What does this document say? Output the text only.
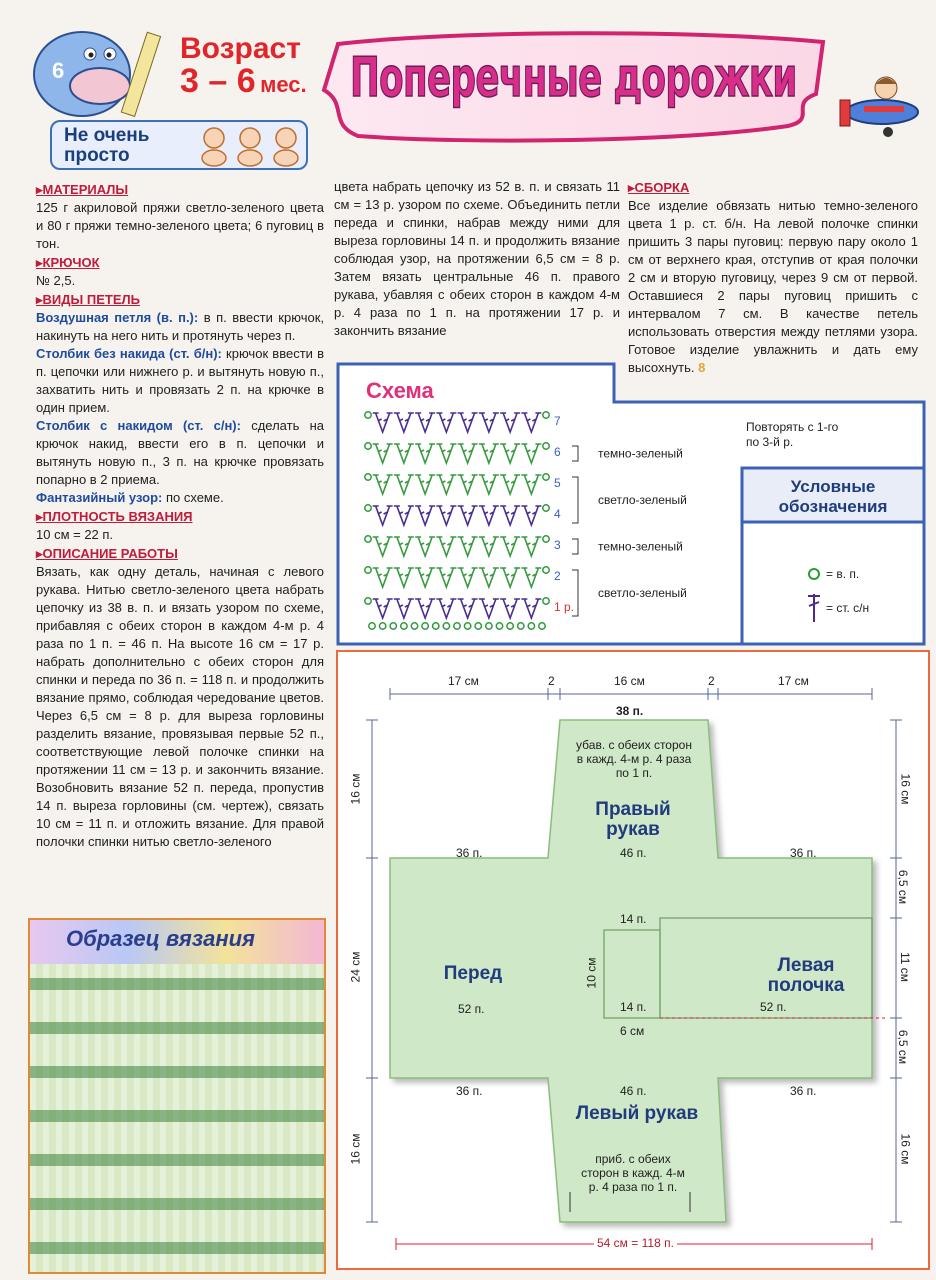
6
Возраст
3 – 6 мес.
Не очень
просто
Поперечные дорожки
▸ МАТЕРИАЛЫ

125 г акриловой пряжи светло-зеленого цвета и 80 г пряжи темно-зеленого цвета; 6 пуговиц в тон.

▸ КРЮЧОК

№ 2,5.

▸ ВИДЫ ПЕТЕЛЬ

Воздушная петля (в. п.): в п. ввести крючок, накинуть на него нить и протянуть через п.

Столбик без накида (ст. б/н): крючок ввести в п. цепочки или нижнего р. и вытянуть новую п., захватить нить и провязать 2 п. на крючке в один прием.

Столбик с накидом (ст. с/н): сделать на крючок накид, ввести его в п. цепочки и вытянуть новую п., 3 п. на крючке провязать попарно в 2 приема.

Фантазийный узор: по схеме.

▸ ПЛОТНОСТЬ ВЯЗАНИЯ

10 см = 22 п.

▸ ОПИСАНИЕ РАБОТЫ

Вязать, как одну деталь, начиная с левого рукава. Нитью светло-зеленого цвета набрать цепочку из 38 в. п. и вязать узором по схеме, прибавляя с обеих сторон в каждом 4-м р. 4 раза по 1 п. = 46 п. На высоте 16 см = 17 р. набрать дополнительно с обеих сторон для спинки и переда по 36 п. = 118 п. и продолжить вязание прямо, соблюдая чередование цветов. Через 6,5 см = 8 р. для выреза горловины разделить вязание, провязывая первые 52 п., соответствующие левой полочке спинки на протяжении 11 см = 13 р. и закончить вязание. Возобновить вязание 52 п. переда, пропустив 14 п. выреза горловины (см. чертеж), связать 10 см = 11 п. и отложить вязание. Для правой полочки спинки нитью светло-зеленого

Образец вязания

цвета набрать цепочку из 52 в. п. и связать 11 см = 13 р. узором по схеме. Объединить петли переда и спинки, набрав между ними для выреза горловины 14 п. и продолжить вязание соблюдая узор, на протяжении 6,5 см = 8 р. Затем вязать центральные 46 п. правого рукава, убавляя с обеих сторон в каждом 4-м р. 4 раза по 1 п. на протяжении 17 р. и закончить вязание

▸ СБОРКА

Все изделие обвязать нитью темно-зеленого цвета 1 р. ст. б/н. На левой полочке спинки пришить 3 пары пуговиц: первую пару около 1 см от верхнего края, отступив от края полочки 2 см и вторую пуговицу, через 9 см от первой. Оставшиеся 2 пары пуговиц пришить с интервалом 7 см. В качестве петель использовать отверстия между петлями узора. Готовое изделие увлажнить и дать ему высохнуть. 8

Схема
1 р.
2
3
4
5
6
7
темно-зеленый
светло-зеленый
темно-зеленый
светло-зеленый
Повторять с 1-го
по 3-й р.
Условные
обозначения
= в. п.
= ст. с/н
17 см	2	16 см	2	17 см
38 п.
убав. с обеих сторон в кажд. 4-м р. 4 раза по 1 п.
Правый рукав
36 п.	46 п.	36 п.
Перед
52 п.
Левая полочка
52 п.
14 п.
14 п.
6 см
10 см
36 п.	46 п.	36 п.
Левый рукав
приб. с обеих сторон в кажд. 4-м р. 4 раза по 1 п.
16 см
24 см
16 см
16 см
6,5 см
11 см
6,5 см
16 см
54 см = 118 п.
